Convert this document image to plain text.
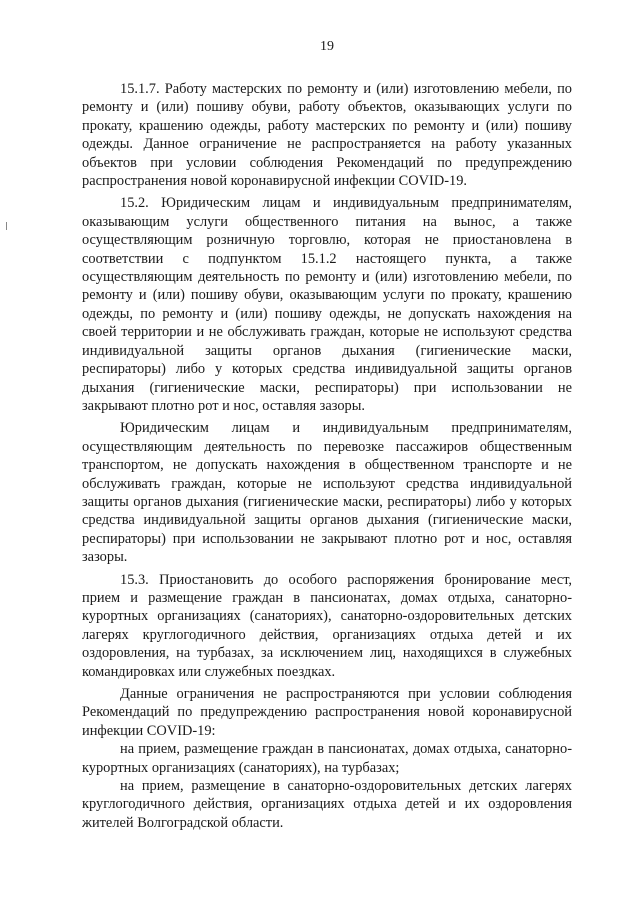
19

15.1.7. Работу мастерских по ремонту и (или) изготовлению мебели, по ремонту и (или) пошиву обуви, работу объектов, оказывающих услуги по прокату, крашению одежды, работу мастерских по ремонту и (или) пошиву одежды. Данное ограничение не распространяется на работу указанных объектов при условии соблюдения Рекомендаций по предупреждению распространения новой коронавирусной инфекции COVID-19.

15.2. Юридическим лицам и индивидуальным предпринимателям, оказывающим услуги общественного питания на вынос, а также осуществляющим розничную торговлю, которая не приостановлена в соответствии с подпунктом 15.1.2 настоящего пункта, а также осуществляющим деятельность по ремонту и (или) изготовлению мебели, по ремонту и (или) пошиву обуви, оказывающим услуги по прокату, крашению одежды, по ремонту и (или) пошиву одежды, не допускать нахождения на своей территории и не обслуживать граждан, которые не используют средства индивидуальной защиты органов дыхания (гигиенические маски, респираторы) либо у которых средства индивидуальной защиты органов дыхания (гигиенические маски, респираторы) при использовании не закрывают плотно рот и нос, оставляя зазоры.

Юридическим лицам и индивидуальным предпринимателям, осуществляющим деятельность по перевозке пассажиров общественным транспортом, не допускать нахождения в общественном транспорте и не обслуживать граждан, которые не используют средства индивидуальной защиты органов дыхания (гигиенические маски, респираторы) либо у которых средства индивидуальной защиты органов дыхания (гигиенические маски, респираторы) при использовании не закрывают плотно рот и нос, оставляя зазоры.

15.3. Приостановить до особого распоряжения бронирование мест, прием и размещение граждан в пансионатах, домах отдыха, санаторно-курортных организациях (санаториях), санаторно-оздоровительных детских лагерях круглогодичного действия, организациях отдыха детей и их оздоровления, на турбазах, за исключением лиц, находящихся в служебных командировках или служебных поездках.

Данные ограничения не распространяются при условии соблюдения Рекомендаций по предупреждению распространения новой коронавирусной инфекции COVID-19:

на прием, размещение граждан в пансионатах, домах отдыха, санаторно-курортных организациях (санаториях), на турбазах;

на прием, размещение в санаторно-оздоровительных детских лагерях круглогодичного действия, организациях отдыха детей и их оздоровления жителей Волгоградской области.
